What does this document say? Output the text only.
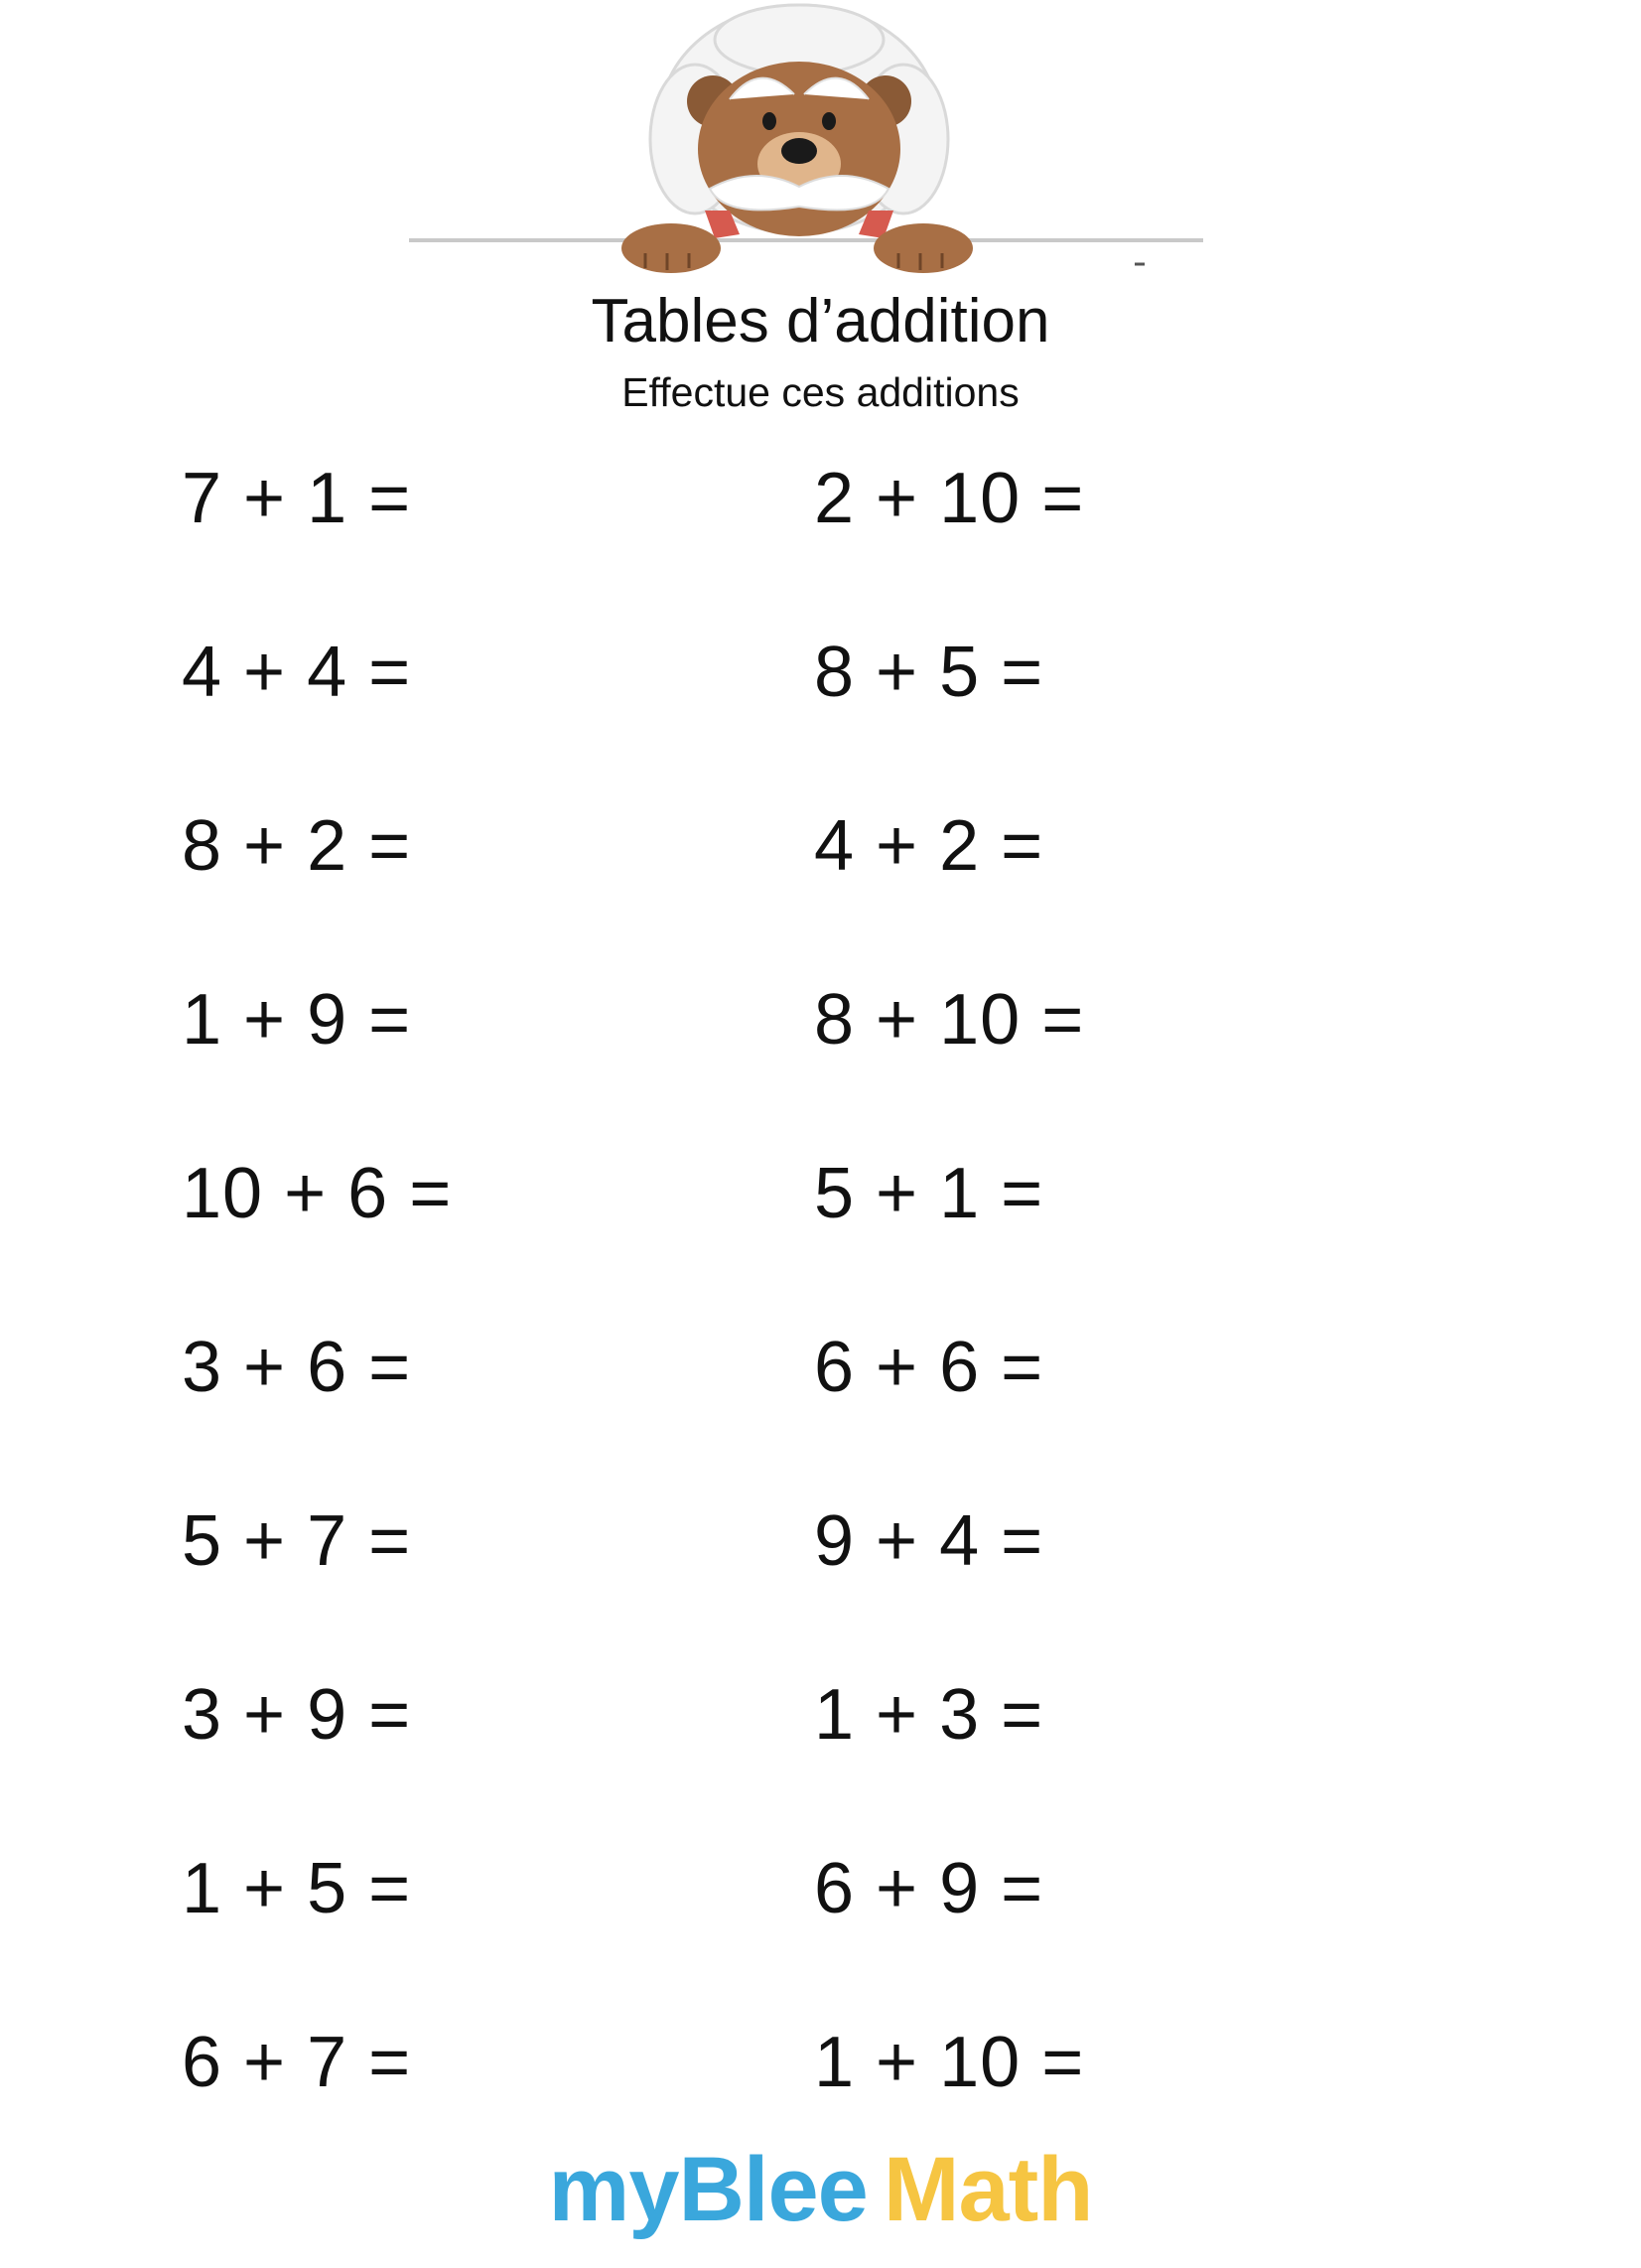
Tables d’addition
Effectue ces additions
7 + 1 =
4 + 4 =
8 + 2 =
1 + 9 =
10 + 6 =
3 + 6 =
5 + 7 =
3 + 9 =
1 + 5 =
6 + 7 =
2 + 10 =
8 + 5 =
4 + 2 =
8 + 10 =
5 + 1 =
6 + 6 =
9 + 4 =
1 + 3 =
6 + 9 =
1 + 10 =
myBlee Math
